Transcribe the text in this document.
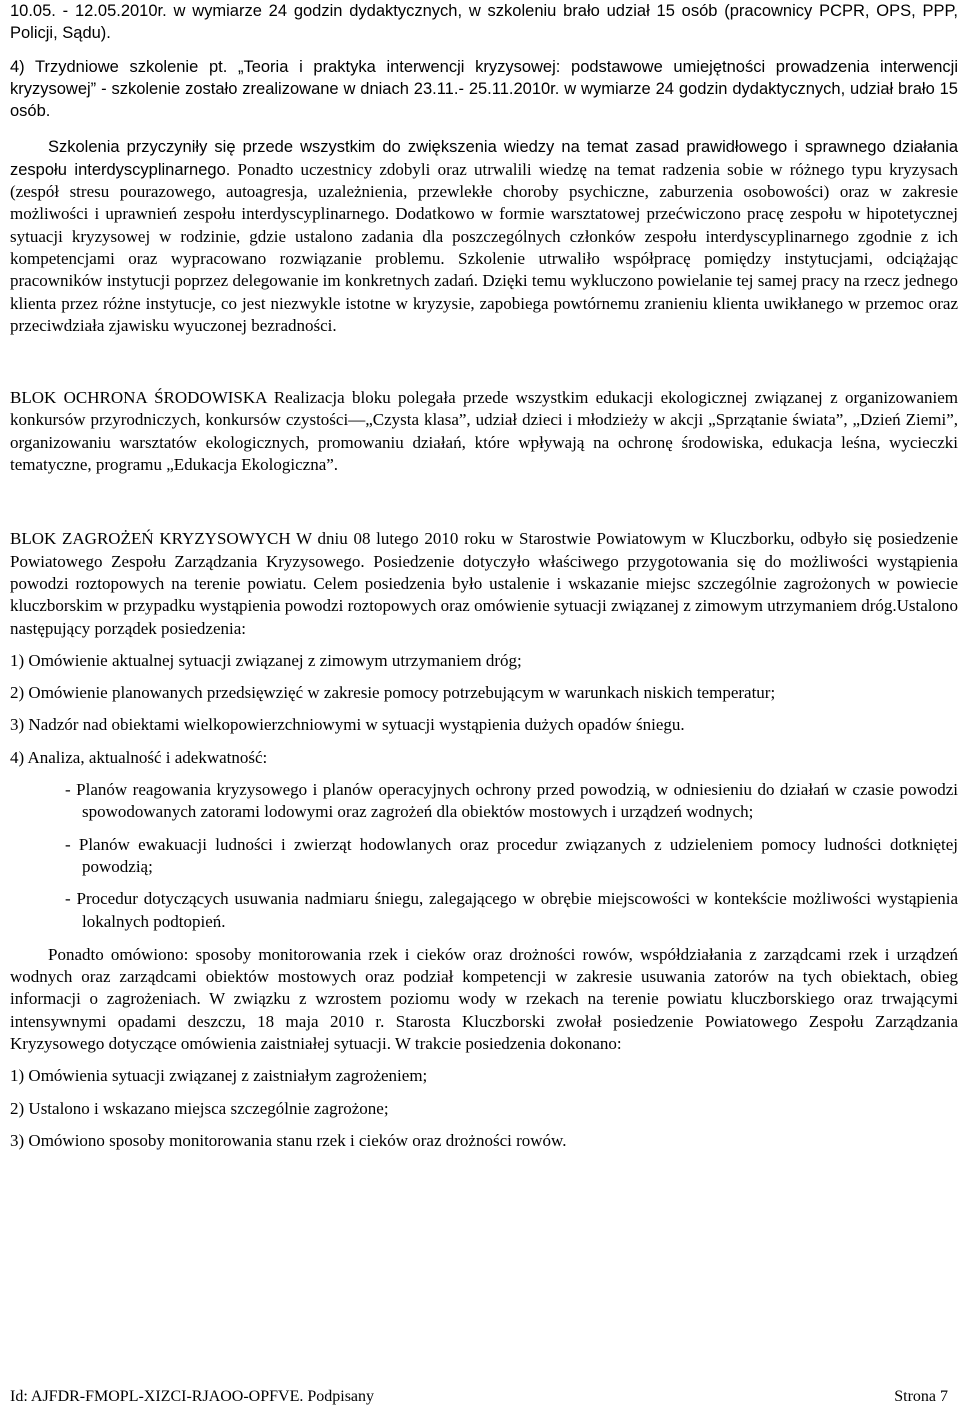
10.05. - 12.05.2010r. w wymiarze 24 godzin dydaktycznych, w szkoleniu brało udział 15 osób (pracownicy PCPR, OPS, PPP, Policji, Sądu).

4) Trzydniowe szkolenie pt. „Teoria i praktyka interwencji kryzysowej: podstawowe umiejętności prowadzenia interwencji kryzysowej” - szkolenie zostało zrealizowane w dniach 23.11.- 25.11.2010r. w wymiarze 24 godzin dydaktycznych, udział brało 15 osób.

Szkolenia przyczyniły się przede wszystkim do zwiększenia wiedzy na temat zasad prawidłowego i sprawnego działania zespołu interdyscyplinarnego. Ponadto uczestnicy zdobyli oraz utrwalili wiedzę na temat radzenia sobie w różnego typu kryzysach (zespół stresu pourazowego, autoagresja, uzależnienia, przewlekłe choroby psychiczne, zaburzenia osobowości) oraz w zakresie możliwości i uprawnień zespołu interdyscyplinarnego. Dodatkowo w formie warsztatowej przećwiczono pracę zespołu w hipotetycznej sytuacji kryzysowej w rodzinie, gdzie ustalono zadania dla poszczególnych członków zespołu interdyscyplinarnego zgodnie z ich kompetencjami oraz wypracowano rozwiązanie problemu. Szkolenie utrwaliło współpracę pomiędzy instytucjami, odciążając pracowników instytucji poprzez delegowanie im konkretnych zadań. Dzięki temu wykluczono powielanie tej samej pracy na rzecz jednego klienta przez różne instytucje, co jest niezwykle istotne w kryzysie, zapobiega powtórnemu zranieniu klienta uwikłanego w przemoc oraz przeciwdziała zjawisku wyuczonej bezradności.

BLOK OCHRONA ŚRODOWISKA Realizacja bloku polegała przede wszystkim edukacji ekologicznej związanej z organizowaniem konkursów przyrodniczych, konkursów czystości—„Czysta klasa”, udział dzieci i młodzieży w akcji „Sprzątanie świata”, „Dzień Ziemi”, organizowaniu warsztatów ekologicznych, promowaniu działań, które wpływają na ochronę środowiska, edukacja leśna, wycieczki tematyczne, programu „Edukacja Ekologiczna”.

BLOK ZAGROŻEŃ KRYZYSOWYCH W dniu 08 lutego 2010 roku w Starostwie Powiatowym w Kluczborku, odbyło się posiedzenie Powiatowego Zespołu Zarządzania Kryzysowego. Posiedzenie dotyczyło właściwego przygotowania się do możliwości wystąpienia powodzi roztopowych na terenie powiatu. Celem posiedzenia było ustalenie i wskazanie miejsc szczególnie zagrożonych w powiecie kluczborskim w przypadku wystąpienia powodzi roztopowych oraz omówienie sytuacji związanej z zimowym utrzymaniem dróg.Ustalono następujący porządek posiedzenia:

1) Omówienie aktualnej sytuacji związanej z zimowym utrzymaniem dróg;

2) Omówienie planowanych przedsięwzięć w zakresie pomocy potrzebującym w warunkach niskich temperatur;

3) Nadzór nad obiektami wielkopowierzchniowymi w sytuacji wystąpienia dużych opadów śniegu.

4) Analiza, aktualność i adekwatność:

- Planów reagowania kryzysowego i planów operacyjnych ochrony przed powodzią, w odniesieniu do działań w czasie powodzi spowodowanych zatorami lodowymi oraz zagrożeń dla obiektów mostowych i urządzeń wodnych;

- Planów ewakuacji ludności i zwierząt hodowlanych oraz procedur związanych z udzieleniem pomocy ludności dotkniętej powodzią;

- Procedur dotyczących usuwania nadmiaru śniegu, zalegającego w obrębie miejscowości w kontekście możliwości wystąpienia lokalnych podtopień.

Ponadto omówiono: sposoby monitorowania rzek i cieków oraz drożności rowów, współdziałania z zarządcami rzek i urządzeń wodnych oraz zarządcami obiektów mostowych oraz podział kompetencji w zakresie usuwania zatorów na tych obiektach, obieg informacji o zagrożeniach. W związku z wzrostem poziomu wody w rzekach na terenie powiatu kluczborskiego oraz trwającymi intensywnymi opadami deszczu, 18 maja 2010 r. Starosta Kluczborski zwołał posiedzenie Powiatowego Zespołu Zarządzania Kryzysowego dotyczące omówienia zaistniałej sytuacji. W trakcie posiedzenia dokonano:

1) Omówienia sytuacji związanej z zaistniałym zagrożeniem;

2) Ustalono i wskazano miejsca szczególnie zagrożone;

3) Omówiono sposoby monitorowania stanu rzek i cieków oraz drożności rowów.

Id: AJFDR-FMOPL-XIZCI-RJAOO-OPFVE. Podpisany	Strona 7
